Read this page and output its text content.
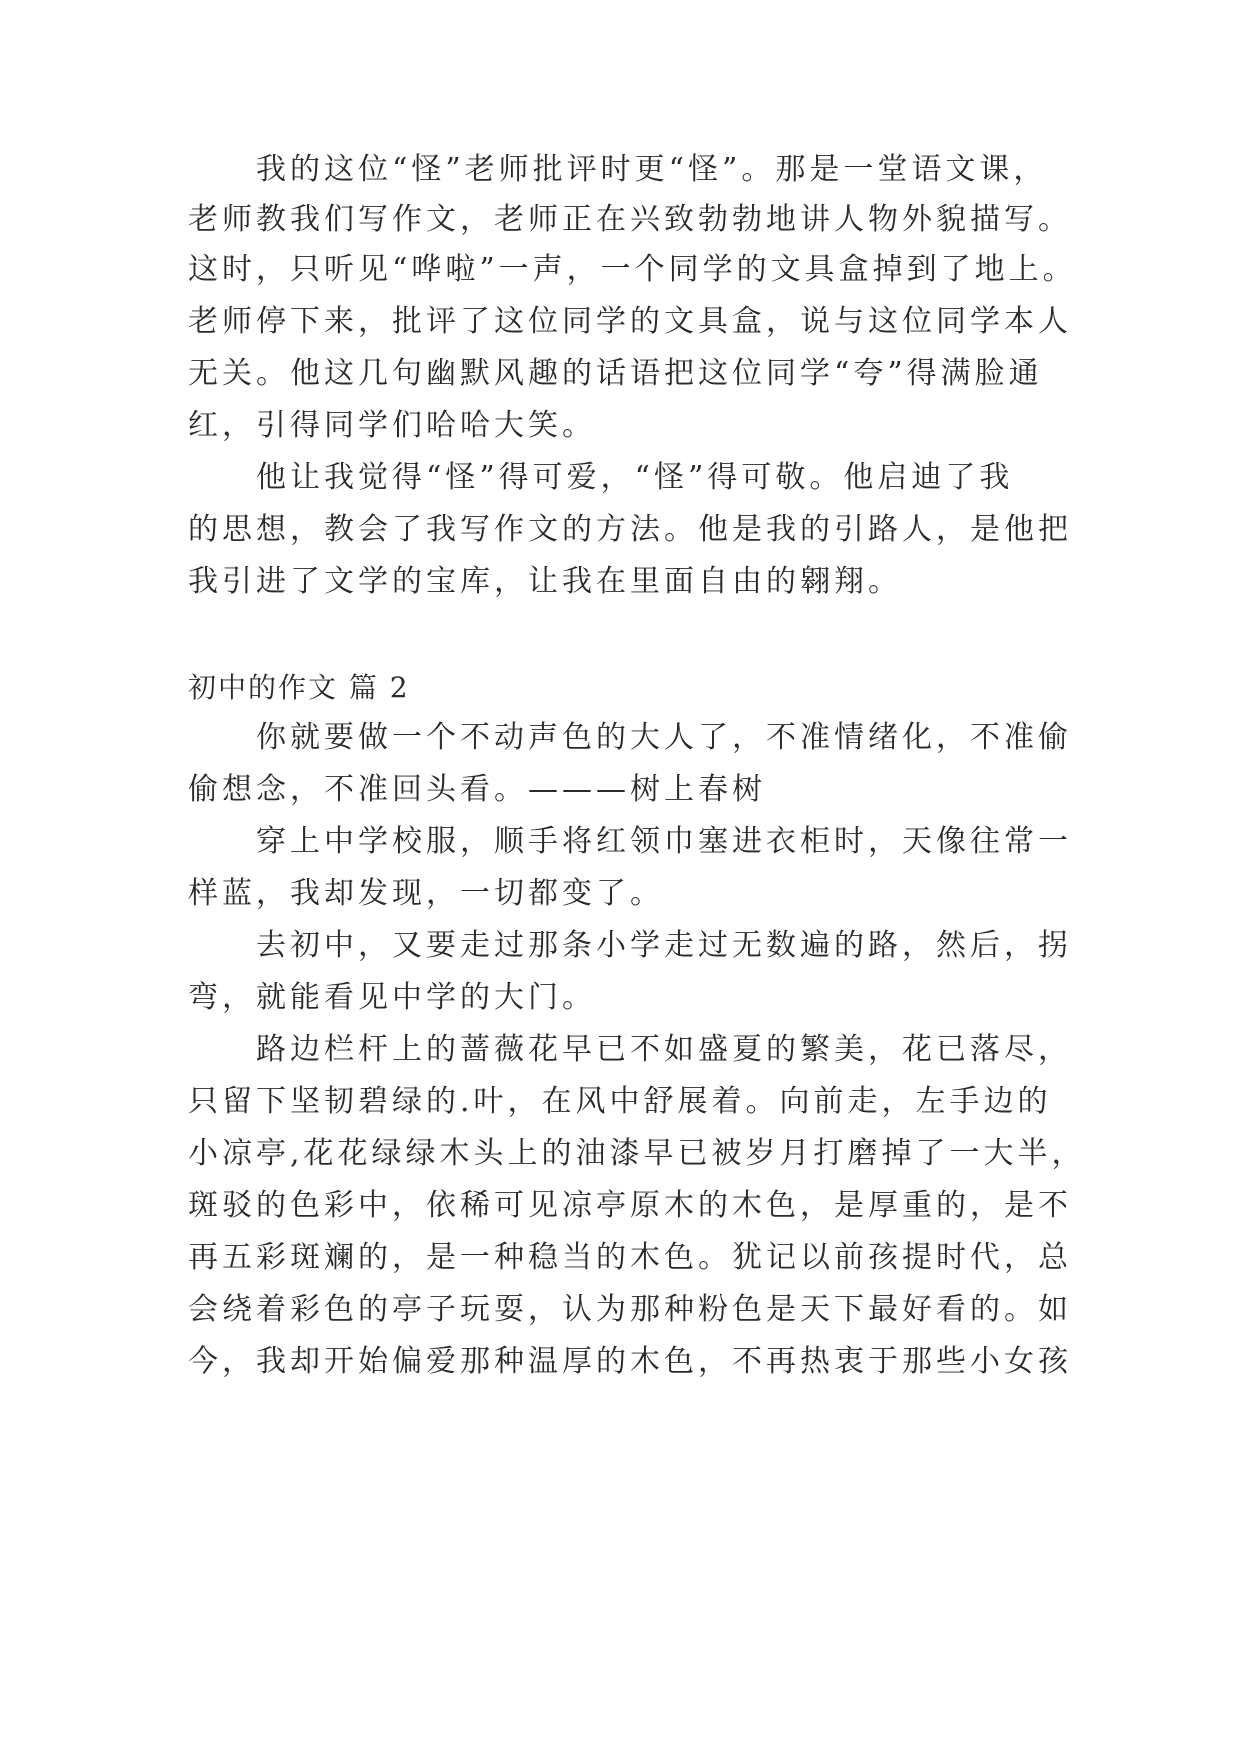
我的这位“怪”老师批评时更“怪”。那是一堂语文课，
老师教我们写作文，老师正在兴致勃勃地讲人物外貌描写。
这时，只听见“哗啦”一声，一个同学的文具盒掉到了地上。
老师停下来，批评了这位同学的文具盒，说与这位同学本人
无关。他这几句幽默风趣的话语把这位同学“夸”得满脸通
红，引得同学们哈哈大笑。
他让我觉得“怪”得可爱，“怪”得可敬。他启迪了我
的思想，教会了我写作文的方法。他是我的引路人，是他把
我引进了文学的宝库，让我在里面自由的翱翔。
初中的作文 篇 2
你就要做一个不动声色的大人了，不准情绪化，不准偷
偷想念，不准回头看。———树上春树
穿上中学校服，顺手将红领巾塞进衣柜时，天像往常一
样蓝，我却发现，一切都变了。
去初中，又要走过那条小学走过无数遍的路，然后，拐
弯，就能看见中学的大门。
路边栏杆上的蔷薇花早已不如盛夏的繁美，花已落尽，
只留下坚韧碧绿的.叶，在风中舒展着。向前走，左手边的
小凉亭,花花绿绿木头上的油漆早已被岁月打磨掉了一大半，
斑驳的色彩中，依稀可见凉亭原木的木色，是厚重的，是不
再五彩斑斓的，是一种稳当的木色。犹记以前孩提时代，总
会绕着彩色的亭子玩耍，认为那种粉色是天下最好看的。如
今，我却开始偏爱那种温厚的木色，不再热衷于那些小女孩
